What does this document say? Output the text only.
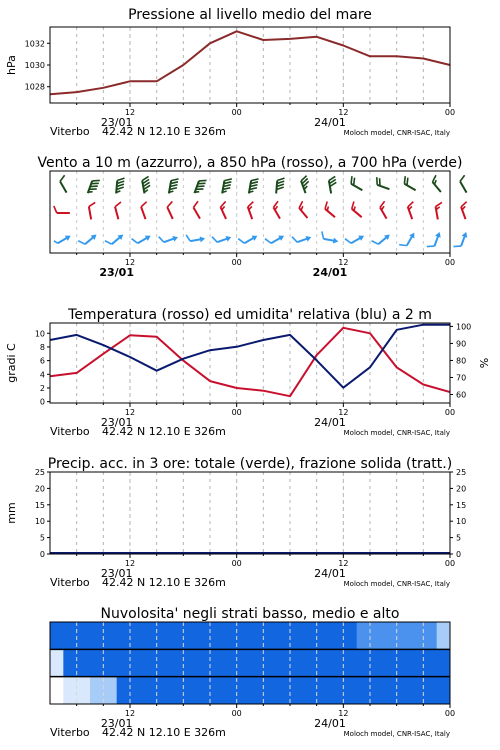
Pressione al livello medio del mare
1028
1030
1032
hPa
12	00	12	00
23/01	24/01
Viterbo 42.42 N 12.10 E 326m	Moloch model, CNR-ISAC, Italy
Vento a 10 m (azzurro), a 850 hPa (rosso), a 700 hPa (verde)
12	00	12	00
23/01	24/01
Temperatura (rosso) ed umidita' relativa (blu) a 2 m
0
2
4
6
8
10
60
70
80
90
100
gradi C	%
12	00	12	00
23/01	24/01
Viterbo 42.42 N 12.10 E 326m	Moloch model, CNR-ISAC, Italy
Precip. acc. in 3 ore: totale (verde), frazione solida (tratt.)
0	0
5	5
10	10
15	15
20	20
25	25
mm
12	00	12	00
23/01	24/01
Viterbo 42.42 N 12.10 E 326m	Moloch model, CNR-ISAC, Italy
Nuvolosita' negli strati basso, medio e alto
12	00	12	00
23/01	24/01
Viterbo 42.42 N 12.10 E 326m	Moloch model, CNR-ISAC, Italy
